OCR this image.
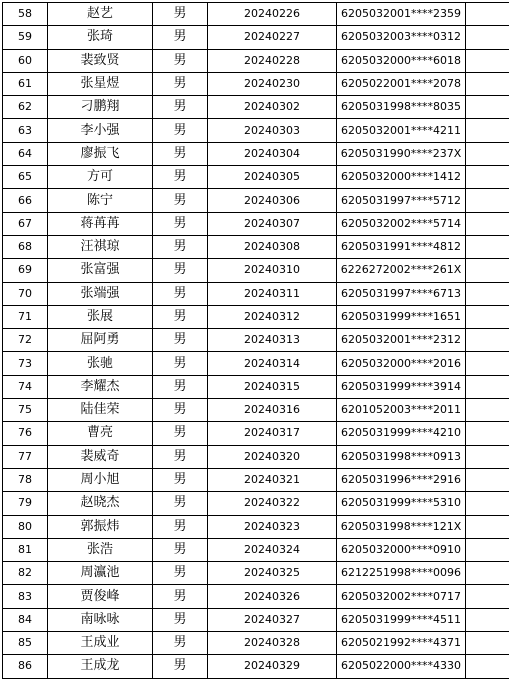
58	赵艺	男	20240226	6205032001****2359	
59	张琦	男	20240227	6205032003****0312	
60	裴致贤	男	20240228	6205032000****6018	
61	张星煜	男	20240230	6205022001****2078	
62	刁鹏翔	男	20240302	6205031998****8035	
63	李小强	男	20240303	6205032001****4211	
64	廖振飞	男	20240304	6205031990****237X	
65	方可	男	20240305	6205032000****1412	
66	陈宁	男	20240306	6205031997****5712	
67	蒋苒苒	男	20240307	6205032002****5714	
68	汪祺琼	男	20240308	6205031991****4812	
69	张富强	男	20240310	622627200​2****261X	
70	张端强	男	20240311	6205031997****6713	
71	张展	男	20240312	6205031999****1651	
72	屈阿勇	男	20240313	6205032001****2312	
73	张驰	男	20240314	6205032000****2016	
74	李耀杰	男	20240315	6205031999****3914	
75	陆佳荣	男	20240316	6201052003****2011	
76	曹亮	男	20240317	6205031999****4210	
77	裴威奇	男	20240320	6205031998****0913	
78	周小旭	男	20240321	6205031996****2916	
79	赵晓杰	男	20240322	6205031999****5310	
80	郭振炜	男	20240323	6205031998****121X	
81	张浩	男	20240324	6205032000****0910	
82	周瀛池	男	20240325	6212251998****0096	
83	贾俊峰	男	20240326	6205032002****0717	
84	南咏咏	男	20240327	6205031999****4511	
85	王成业	男	20240328	6205021992****4371	
86	王成龙	男	20240329	6205022000****4330	
